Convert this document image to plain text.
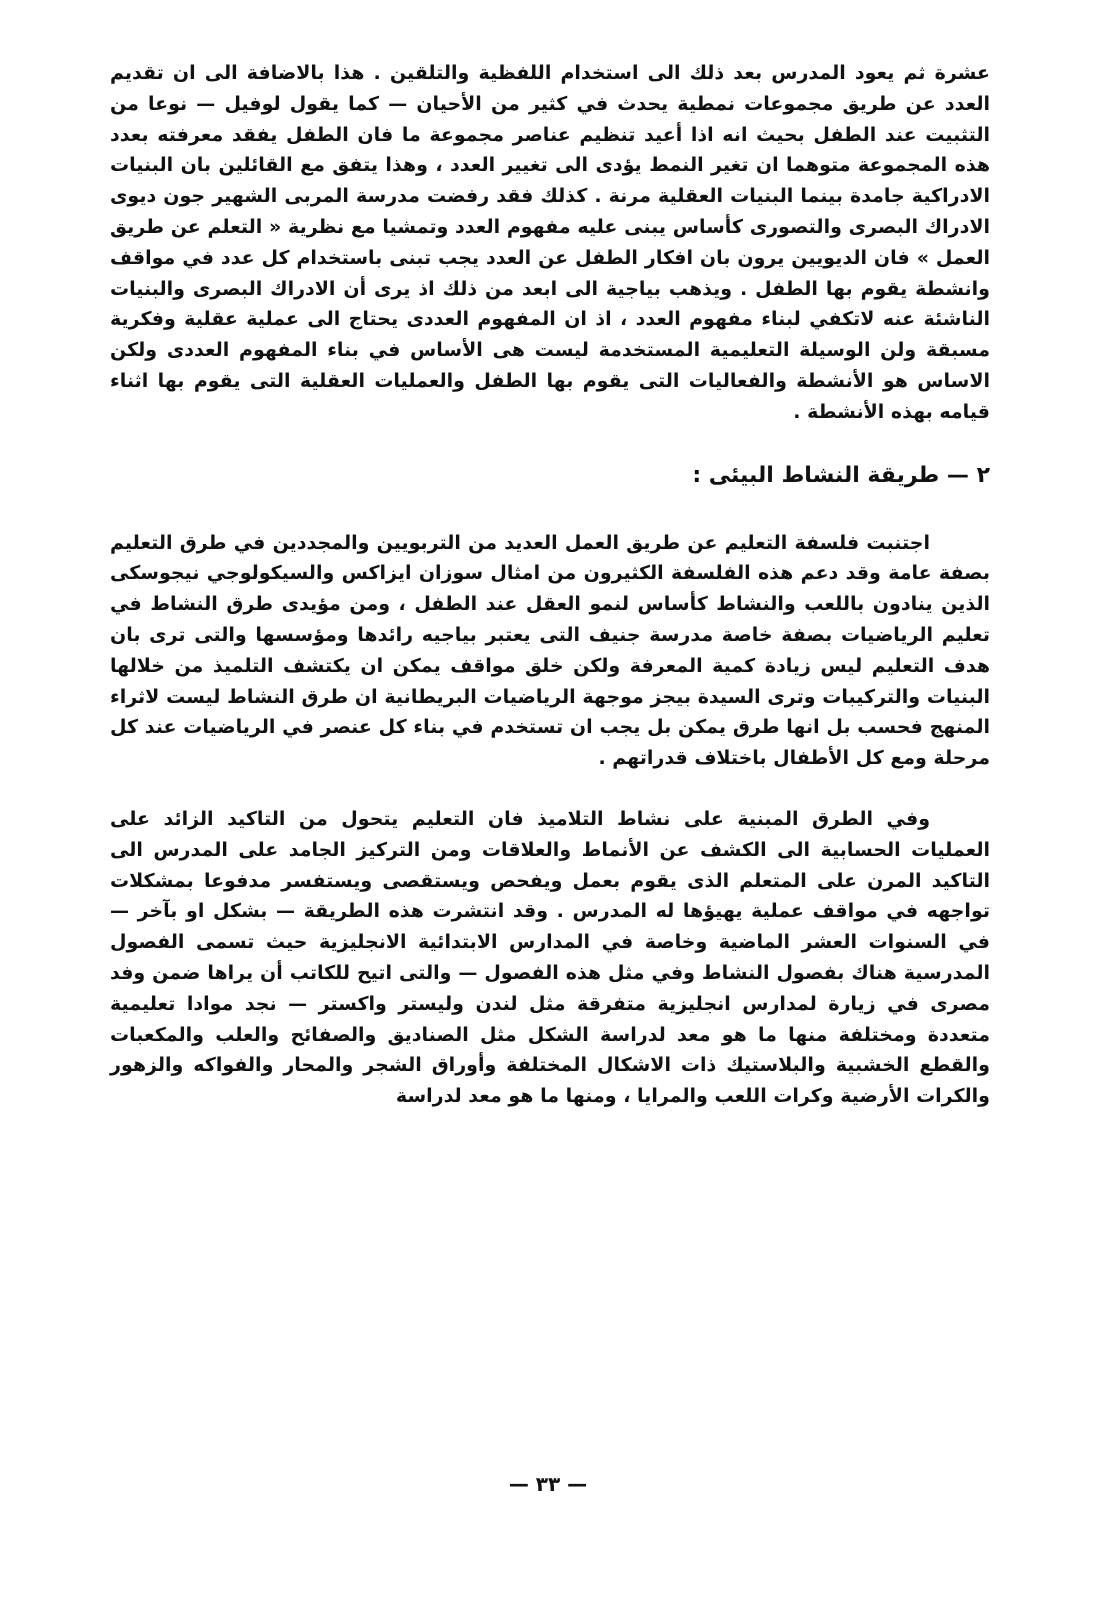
عشرة ثم يعود المدرس بعد ذلك الى استخدام اللفظية والتلقين . هذا بالاضافة الى ان تقديم العدد عن طريق مجموعات نمطية يحدث في كثير من الأحيان — كما يقول لوفيل — نوعا من التثبيت عند الطفل بحيث انه اذا أعيد تنظيم عناصر مجموعة ما فان الطفل يفقد معرفته بعدد هذه المجموعة متوهما ان تغير النمط يؤدى الى تغيير العدد ، وهذا يتفق مع القائلين بان البنيات الادراكية جامدة بينما البنيات العقلية مرنة . كذلك فقد رفضت مدرسة المربى الشهير جون ديوى الادراك البصرى والتصورى كأساس يبنى عليه مفهوم العدد وتمشيا مع نظرية « التعلم عن طريق العمل » فان الديويين يرون بان افكار الطفل عن العدد يجب تبنى باستخدام كل عدد في مواقف وانشطة يقوم بها الطفل . ويذهب بياجية الى ابعد من ذلك اذ يرى أن الادراك البصرى والبنيات الناشئة عنه لاتكفي لبناء مفهوم العدد ، اذ ان المفهوم العددى يحتاج الى عملية عقلية وفكرية مسبقة ولن الوسيلة التعليمية المستخدمة ليست هى الأساس في بناء المفهوم العددى ولكن الاساس هو الأنشطة والفعاليات التى يقوم بها الطفل والعمليات العقلية التى يقوم بها اثناء قيامه بهذه الأنشطة .

٢ — طريقة النشاط البيئى :

اجتنبت فلسفة التعليم عن طريق العمل العديد من التربويين والمجددين في طرق التعليم بصفة عامة وقد دعم هذه الفلسفة الكثيرون من امثال سوزان ايزاكس والسيكولوجي نيجوسكى الذين ينادون باللعب والنشاط كأساس لنمو العقل عند الطفل ، ومن مؤيدى طرق النشاط في تعليم الرياضيات بصفة خاصة مدرسة جنيف التى يعتبر بياجيه رائدها ومؤسسها والتى ترى بان هدف التعليم ليس زيادة كمية المعرفة ولكن خلق مواقف يمكن ان يكتشف التلميذ من خلالها البنيات والتركيبات وترى السيدة بيجز موجهة الرياضيات البريطانية ان طرق النشاط ليست لاثراء المنهج فحسب بل انها طرق يمكن بل يجب ان تستخدم في بناء كل عنصر في الرياضيات عند كل مرحلة ومع كل الأطفال باختلاف قدراتهم .

وفي الطرق المبنية على نشاط التلاميذ فان التعليم يتحول من التاكيد الزائد على العمليات الحسابية الى الكشف عن الأنماط والعلاقات ومن التركيز الجامد على المدرس الى التاكيد المرن على المتعلم الذى يقوم بعمل ويفحص ويستقصى ويستفسر مدفوعا بمشكلات تواجهه في مواقف عملية يهيؤها له المدرس . وقد انتشرت هذه الطريقة — بشكل او بآخر — في السنوات العشر الماضية وخاصة في المدارس الابتدائية الانجليزية حيث تسمى الفصول المدرسية هناك بفصول النشاط وفي مثل هذه الفصول — والتى اتيح للكاتب أن يراها ضمن وفد مصرى في زيارة لمدارس انجليزية متفرقة مثل لندن وليستر واكستر — نجد موادا تعليمية متعددة ومختلفة منها ما هو معد لدراسة الشكل مثل الصناديق والصفائح والعلب والمكعبات والقطع الخشبية والبلاستيك ذات الاشكال المختلفة وأوراق الشجر والمحار والفواكه والزهور والكرات الأرضية وكرات اللعب والمرايا ، ومنها ما هو معد لدراسة

— ٣٣ —
